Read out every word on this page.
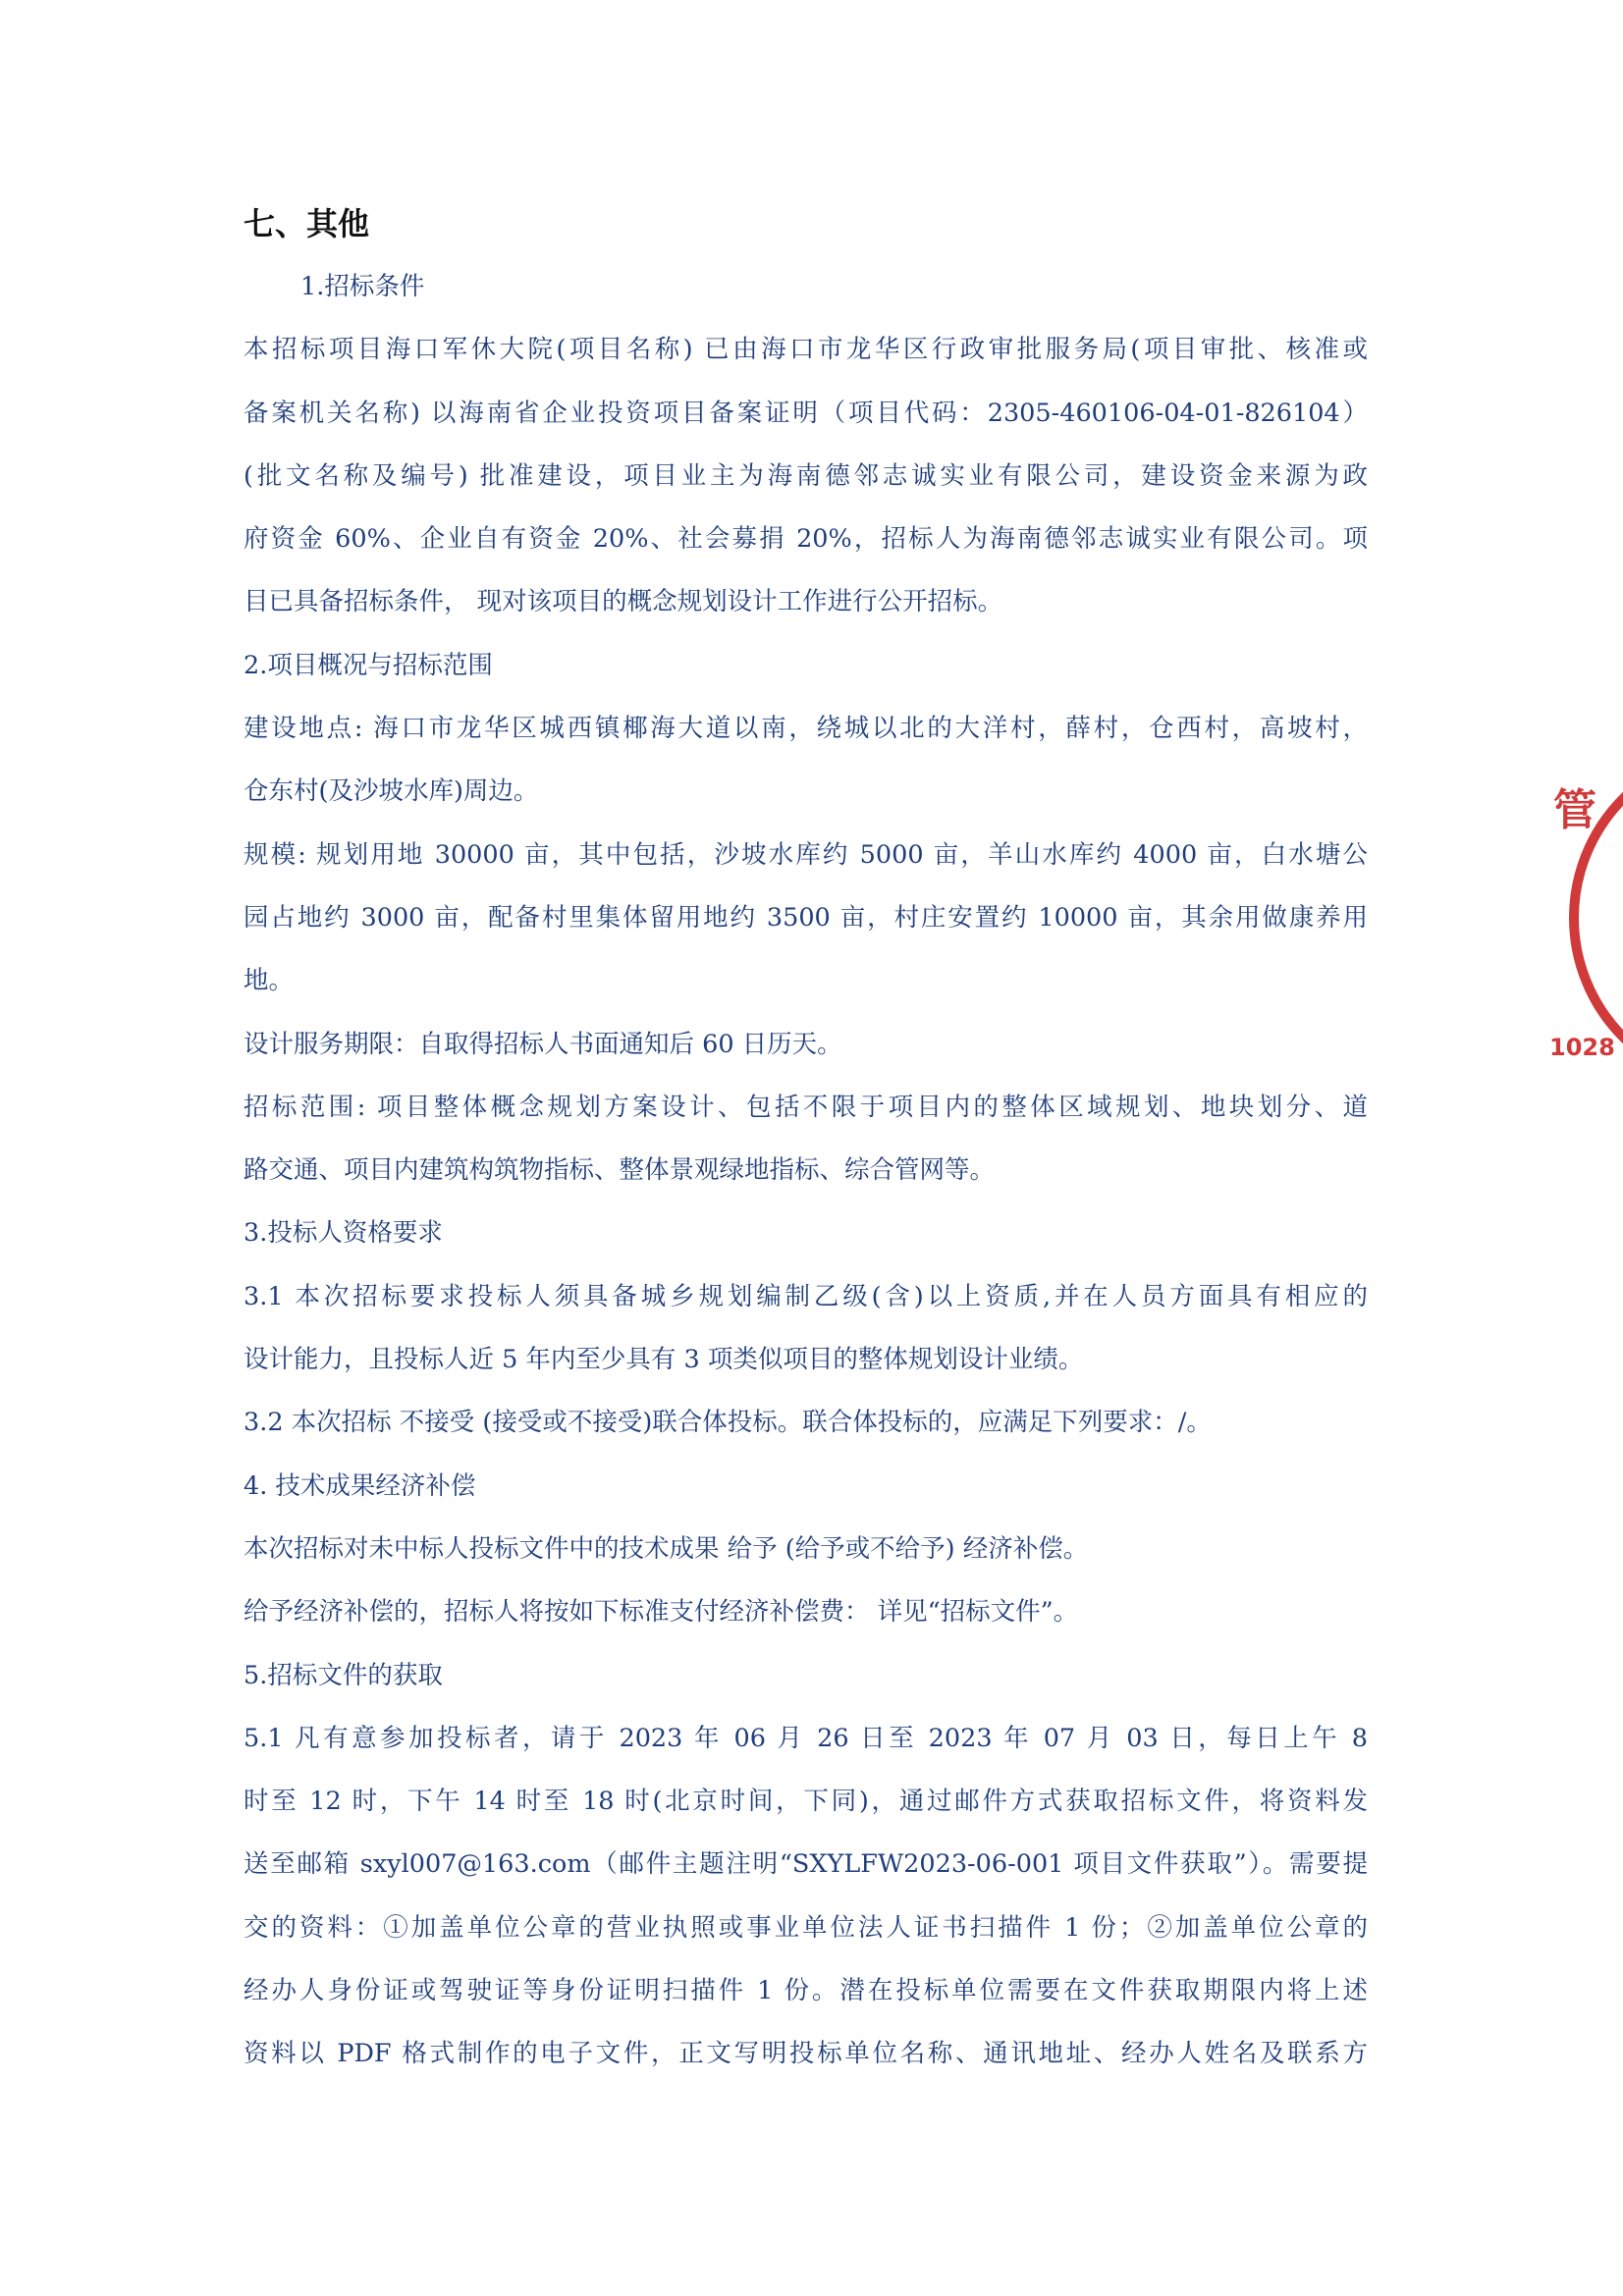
七、其他
1.招标条件
本招标项目海口军休大院(项目名称) 已由海口市龙华区行政审批服务局(项目审批、核准或
备案机关名称) 以海南省企业投资项目备案证明（项目代码：2305-460106-04-01-826104）
(批文名称及编号) 批准建设，项目业主为海南德邻志诚实业有限公司，建设资金来源为政
府资金 60%、企业自有资金 20%、社会募捐 20%，招标人为海南德邻志诚实业有限公司。项
目已具备招标条件， 现对该项目的概念规划设计工作进行公开招标。
2.项目概况与招标范围
建设地点: 海口市龙华区城西镇椰海大道以南，绕城以北的大洋村，薛村，仓西村，高坡村，
仓东村(及沙坡水库)周边。
规模: 规划用地 30000 亩，其中包括，沙坡水库约 5000 亩，羊山水库约 4000 亩，白水塘公
园占地约 3000 亩，配备村里集体留用地约 3500 亩，村庄安置约 10000 亩，其余用做康养用
地。
设计服务期限：自取得招标人书面通知后 60 日历天。
招标范围: 项目整体概念规划方案设计、包括不限于项目内的整体区域规划、地块划分、道
路交通、项目内建筑构筑物指标、整体景观绿地指标、综合管网等。
3.投标人资格要求
3.1 本次招标要求投标人须具备城乡规划编制乙级(含)以上资质,并在人员方面具有相应的
设计能力，且投标人近 5 年内至少具有 3 项类似项目的整体规划设计业绩。
3.2 本次招标 不接受 (接受或不接受)联合体投标。联合体投标的，应满足下列要求：/。
4. 技术成果经济补偿
本次招标对未中标人投标文件中的技术成果 给予 (给予或不给予) 经济补偿。
给予经济补偿的，招标人将按如下标准支付经济补偿费： 详见“招标文件”。
5.招标文件的获取
5.1 凡有意参加投标者，请于 2023 年 06 月 26 日至 2023 年 07 月 03 日，每日上午 8
时至 12 时，下午 14 时至 18 时(北京时间，下同)，通过邮件方式获取招标文件，将资料发
送至邮箱 sxyl007@163.com（邮件主题注明“SXYLFW2023-06-001 项目文件获取”）。需要提
交的资料：①加盖单位公章的营业执照或事业单位法人证书扫描件 1 份；②加盖单位公章的
经办人身份证或驾驶证等身份证明扫描件 1 份。潜在投标单位需要在文件获取期限内将上述
资料以 PDF 格式制作的电子文件，正文写明投标单位名称、通讯地址、经办人姓名及联系方
管
1028
